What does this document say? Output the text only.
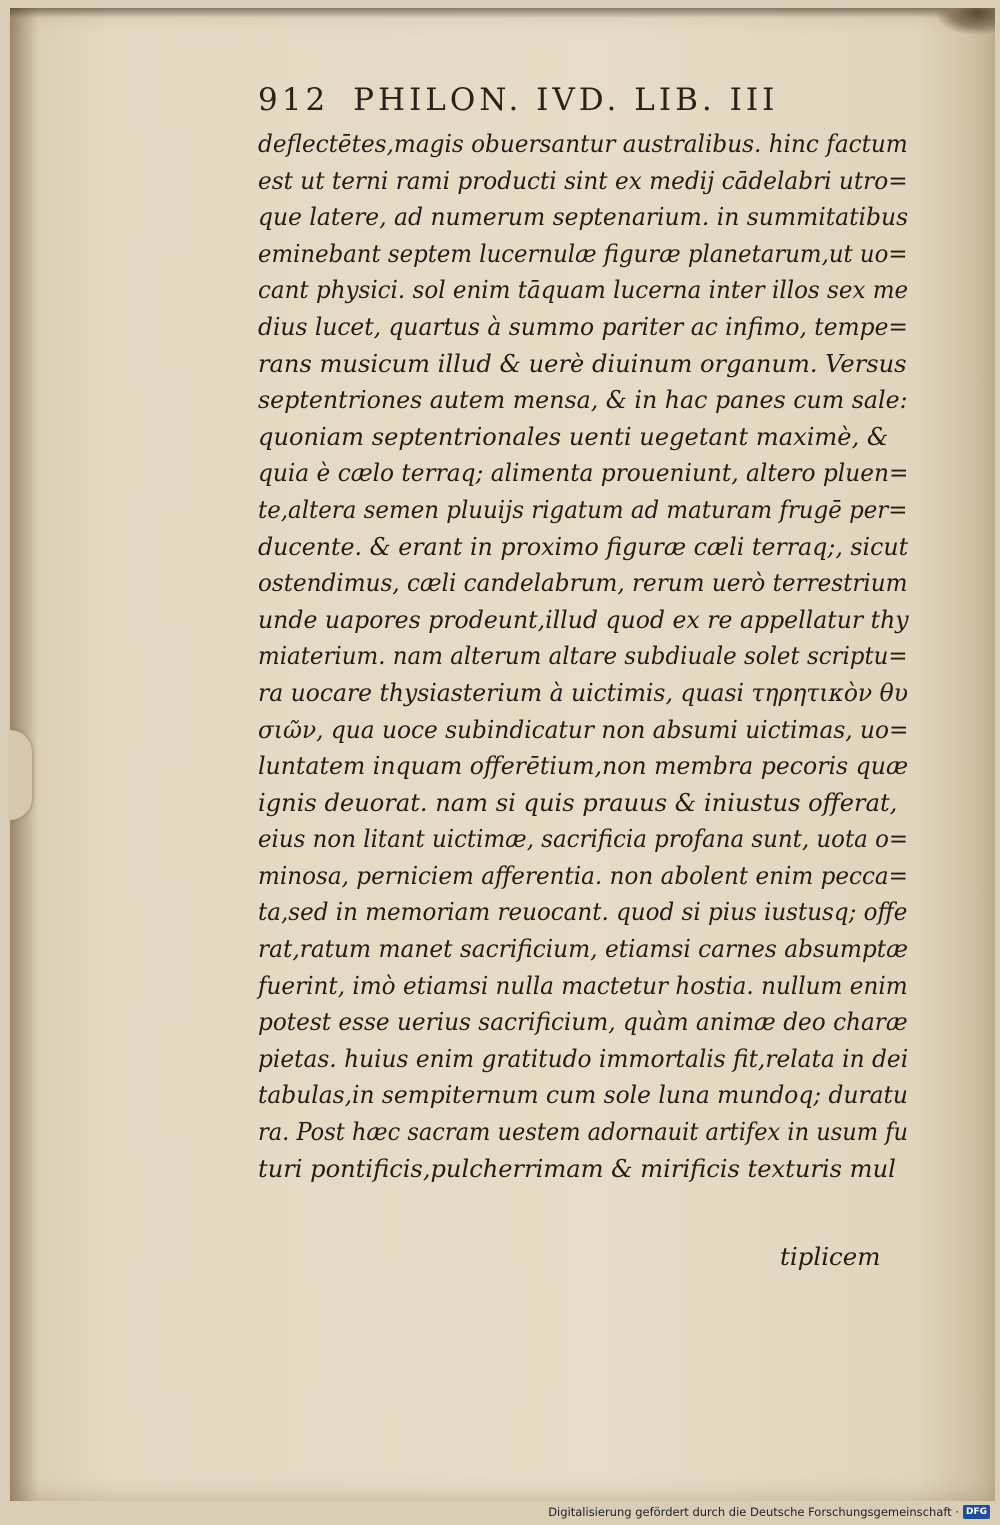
912 PHILON. IVD. LIB. III
deflectētes,magis obuersantur australibus. hinc factum
est ut terni rami producti sint ex medij cādelabri utro=
que latere, ad numerum septenarium. in summitatibus
eminebant septem lucernulæ figuræ planetarum,ut uo=
cant physici. sol enim tāquam lucerna inter illos sex me
dius lucet, quartus à summo pariter ac infimo, tempe=
rans musicum illud & uerè diuinum organum. Versus
septentriones autem mensa, & in hac panes cum sale:
quoniam septentrionales uenti uegetant maximè, &
quia è cælo terraq; alimenta proueniunt, altero pluen=
te,altera semen pluuijs rigatum ad maturam frugē per=
ducente. & erant in proximo figuræ cæli terraq;, sicut
ostendimus, cæli candelabrum, rerum uerò terrestrium
unde uapores prodeunt,illud quod ex re appellatur thy
miaterium. nam alterum altare subdiuale solet scriptu=
ra uocare thysiasterium à uictimis, quasi τηρητικὸν θυ
σιῶν, qua uoce subindicatur non absumi uictimas, uo=
luntatem inquam offerētium,non membra pecoris quæ
ignis deuorat. nam si quis prauus & iniustus offerat,
eius non litant uictimæ, sacrificia profana sunt, uota o=
minosa, perniciem afferentia. non abolent enim pecca=
ta,sed in memoriam reuocant. quod si pius iustusq; offe
rat,ratum manet sacrificium, etiamsi carnes absumptæ
fuerint, imò etiamsi nulla mactetur hostia. nullum enim
potest esse uerius sacrificium, quàm animæ deo charæ
pietas. huius enim gratitudo immortalis fit,relata in dei
tabulas,in sempiternum cum sole luna mundoq; duratu
ra. Post hæc sacram uestem adornauit artifex in usum fu
turi pontificis,pulcherrimam & mirificis texturis mul
tiplicem
Digitalisierung gefördert durch die Deutsche Forschungsgemeinschaft · DFG
